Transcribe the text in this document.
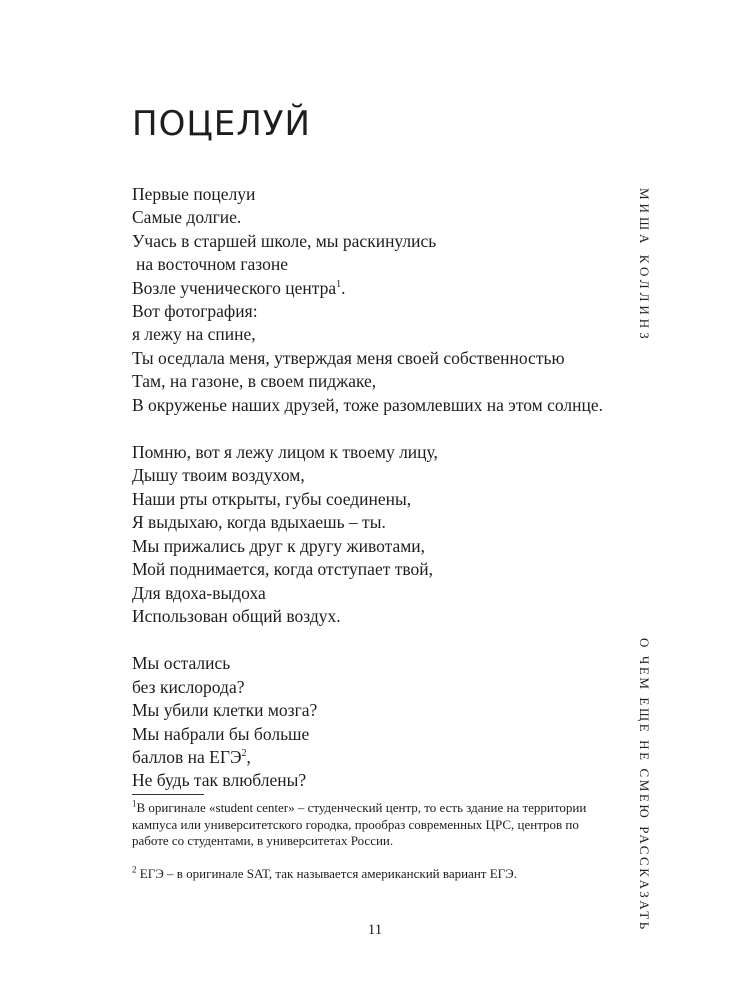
ПОЦЕЛУЙ
Первые поцелуи
Самые долгие.
Учась в старшей школе, мы раскинулись
на восточном газоне
Возле ученического центра$^1$.
Вот фотография:
я лежу на спине,
Ты оседлала меня, утверждая меня своей собственностью
Там, на газоне, в своем пиджаке,
В окруженье наших друзей, тоже разомлевших на этом солнце.
Помню, вот я лежу лицом к твоему лицу,
Дышу твоим воздухом,
Наши рты открыты, губы соединены,
Я выдыхаю, когда вдыхаешь – ты.
Мы прижались друг к другу животами,
Мой поднимается, когда отступает твой,
Для вдоха-выдоха
Использован общий воздух.
Мы остались
без кислорода?
Мы убили клетки мозга?
Мы набрали бы больше
баллов на ЕГЭ$^2$,
Не будь так влюблены?

$^1$В оригинале «student center» – студенческий центр, то есть здание на территории кампуса или университетского городка, прообраз современных ЦРС, центров по работе со студентами, в университетах России.

$^2$ ЕГЭ – в оригинале SAT, так называется американский вариант ЕГЭ.

МИША КОЛЛИНЗ
О ЧЕМ ЕЩЕ НЕ СМЕЮ РАССКАЗАТЬ
11
